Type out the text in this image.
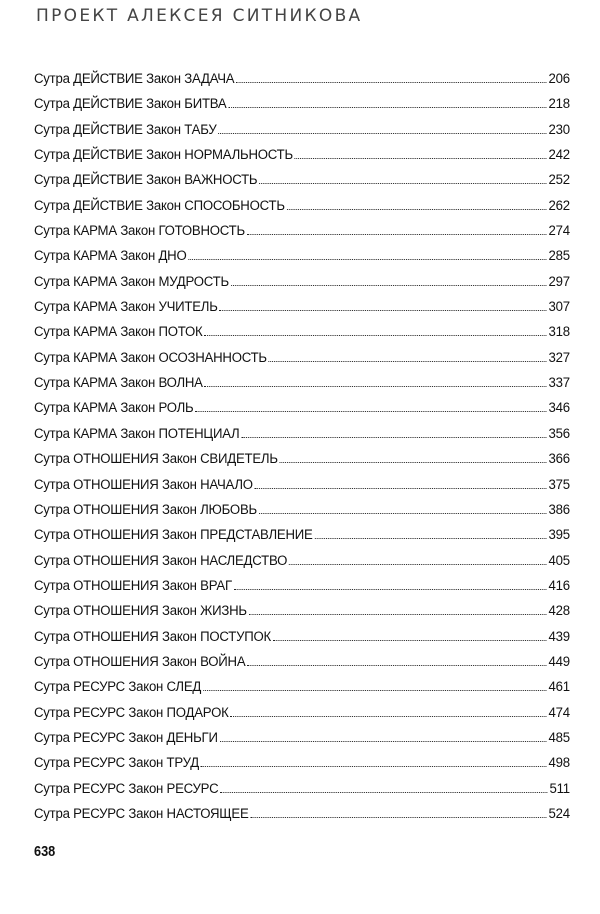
ПРОЕКТ АЛЕКСЕЯ СИТНИКОВА
Сутра ДЕЙСТВИЕ Закон ЗАДАЧА	206
Сутра ДЕЙСТВИЕ Закон БИТВА	218
Сутра ДЕЙСТВИЕ Закон ТАБУ	230
Сутра ДЕЙСТВИЕ Закон НОРМАЛЬНОСТЬ	242
Сутра ДЕЙСТВИЕ Закон ВАЖНОСТЬ	252
Сутра ДЕЙСТВИЕ Закон СПОСОБНОСТЬ	262
Сутра КАРМА Закон ГОТОВНОСТЬ	274
Сутра КАРМА Закон ДНО	285
Сутра КАРМА Закон МУДРОСТЬ	297
Сутра КАРМА Закон УЧИТЕЛЬ	307
Сутра КАРМА Закон ПОТОК	318
Сутра КАРМА Закон ОСОЗНАННОСТЬ	327
Сутра КАРМА Закон ВОЛНА	337
Сутра КАРМА Закон РОЛЬ	346
Сутра КАРМА Закон ПОТЕНЦИАЛ	356
Сутра ОТНОШЕНИЯ Закон СВИДЕТЕЛЬ	366
Сутра ОТНОШЕНИЯ Закон НАЧАЛО	375
Сутра ОТНОШЕНИЯ Закон ЛЮБОВЬ	386
Сутра ОТНОШЕНИЯ Закон ПРЕДСТАВЛЕНИЕ	395
Сутра ОТНОШЕНИЯ Закон НАСЛЕДСТВО	405
Сутра ОТНОШЕНИЯ Закон ВРАГ	416
Сутра ОТНОШЕНИЯ Закон ЖИЗНЬ	428
Сутра ОТНОШЕНИЯ Закон ПОСТУПОК	439
Сутра ОТНОШЕНИЯ Закон ВОЙНА	449
Сутра РЕСУРС Закон СЛЕД	461
Сутра РЕСУРС Закон ПОДАРОК	474
Сутра РЕСУРС Закон ДЕНЬГИ	485
Сутра РЕСУРС Закон ТРУД	498
Сутра РЕСУРС Закон РЕСУРС	511
Сутра РЕСУРС Закон НАСТОЯЩЕЕ	524
638
